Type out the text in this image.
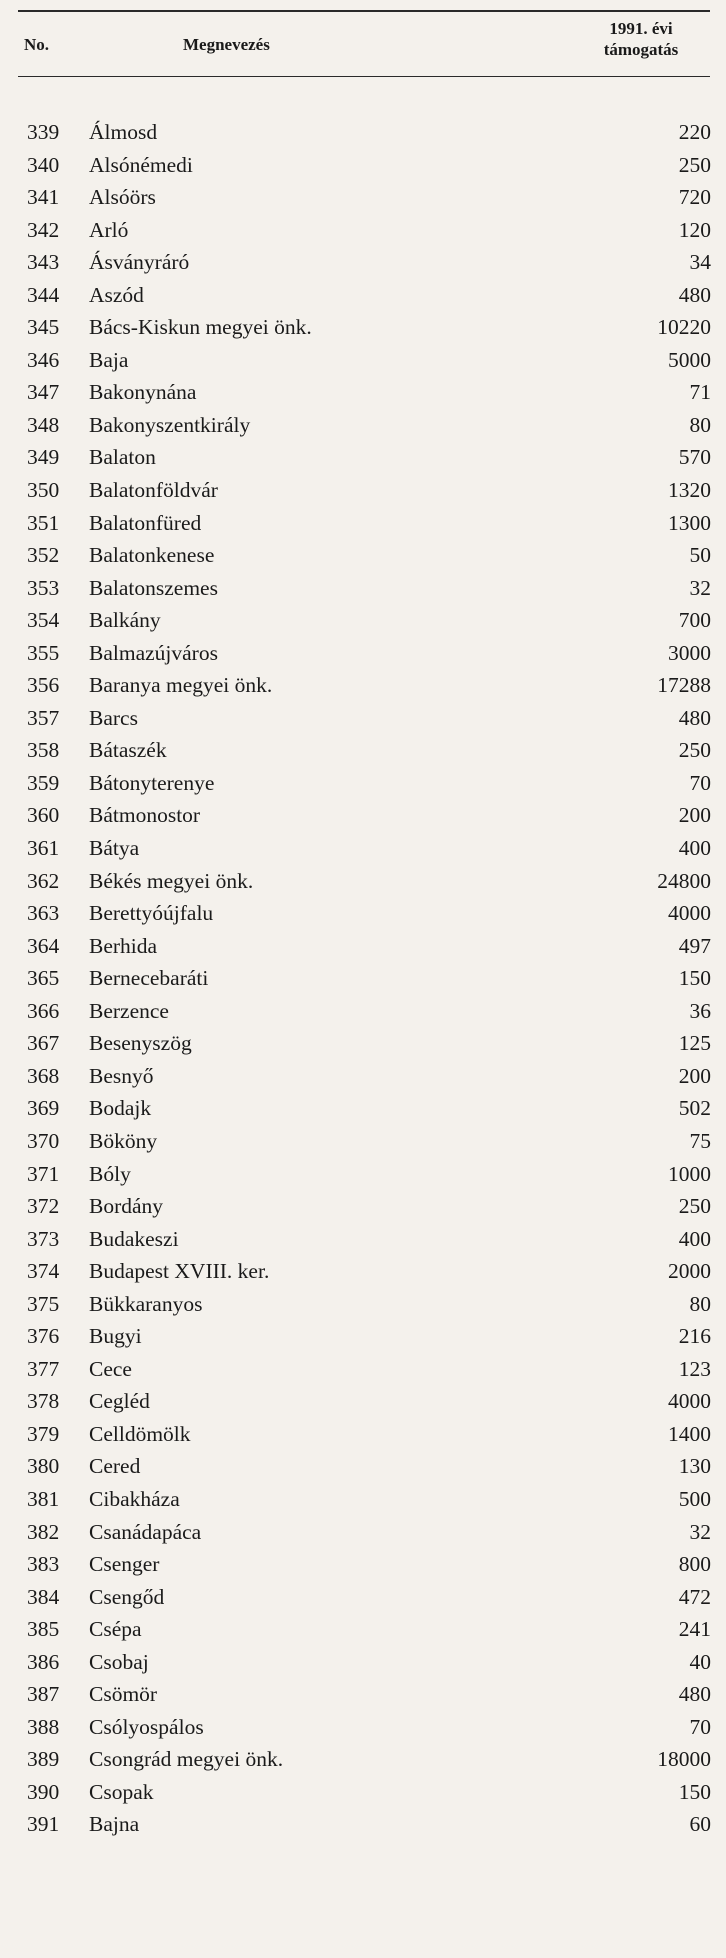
No.	Megnevezés
1991. évi
támogatás
339	Álmosd	220
340	Alsónémedi	250
341	Alsóörs	720
342	Arló	120
343	Ásványráró	34
344	Aszód	480
345	Bács-Kiskun megyei önk.	10220
346	Baja	5000
347	Bakonynána	71
348	Bakonyszentkirály	80
349	Balaton	570
350	Balatonföldvár	1320
351	Balatonfüred	1300
352	Balatonkenese	50
353	Balatonszemes	32
354	Balkány	700
355	Balmazújváros	3000
356	Baranya megyei önk.	17288
357	Barcs	480
358	Bátaszék	250
359	Bátonyterenye	70
360	Bátmonostor	200
361	Bátya	400
362	Békés megyei önk.	24800
363	Berettyóújfalu	4000
364	Berhida	497
365	Bernecebaráti	150
366	Berzence	36
367	Besenyszög	125
368	Besnyő	200
369	Bodajk	502
370	Bököny	75
371	Bóly	1000
372	Bordány	250
373	Budakeszi	400
374	Budapest XVIII. ker.	2000
375	Bükkaranyos	80
376	Bugyi	216
377	Cece	123
378	Cegléd	4000
379	Celldömölk	1400
380	Cered	130
381	Cibakháza	500
382	Csanádapáca	32
383	Csenger	800
384	Csengőd	472
385	Csépa	241
386	Csobaj	40
387	Csömör	480
388	Csólyospálos	70
389	Csongrád megyei önk.	18000
390	Csopak	150
391	Bajna	60
